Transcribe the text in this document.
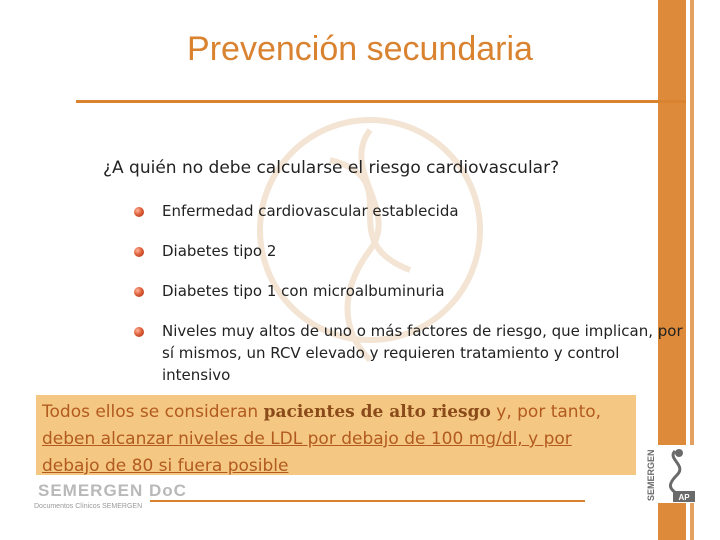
Prevención secundaria
¿A quién no debe calcularse el riesgo cardiovascular?
Enfermedad cardiovascular establecida
Diabetes tipo 2
Diabetes tipo 1 con microalbuminuria
Niveles muy altos de uno o más factores de riesgo, que implican, por sí mismos, un RCV elevado y requieren tratamiento y control intensivo
Todos ellos se consideran pacientes de alto riesgo y, por tanto, deben alcanzar niveles de LDL por debajo de 100 mg/dl, y por debajo de 80 si fuera posible
SEMERGEN DoC
Documentos Clínicos SEMERGEN
SEMERGEN	AP
